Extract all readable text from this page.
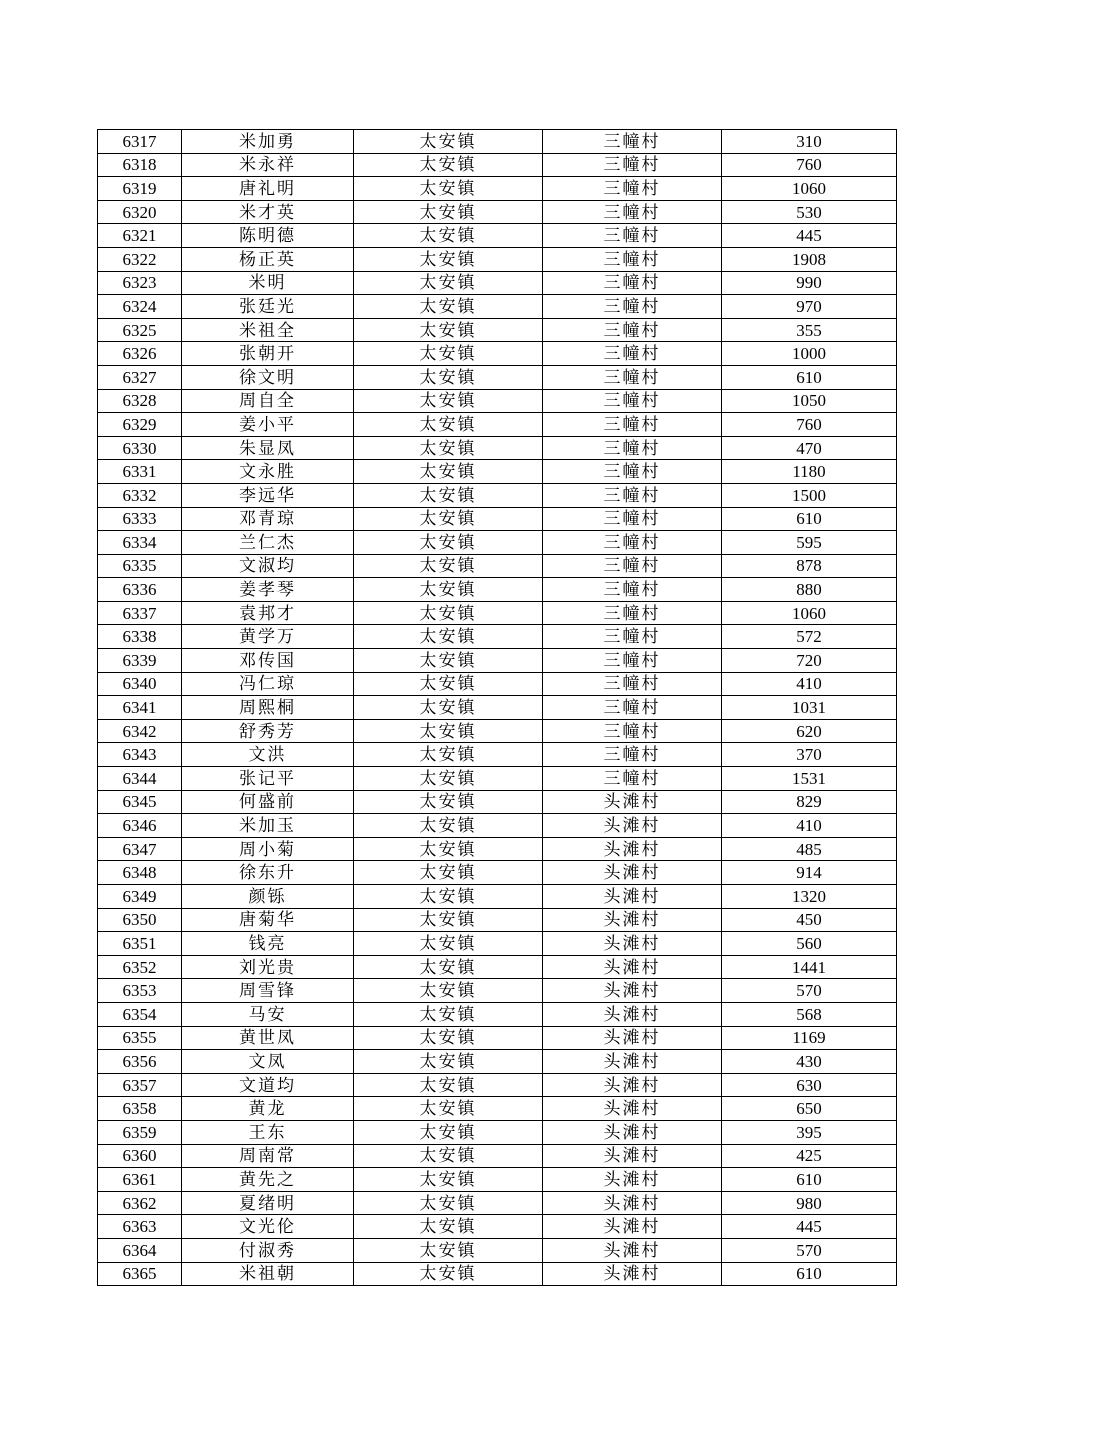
6317	米加勇	太安镇	三幢村	310
6318	米永祥	太安镇	三幢村	760
6319	唐礼明	太安镇	三幢村	1060
6320	米才英	太安镇	三幢村	530
6321	陈明德	太安镇	三幢村	445
6322	杨正英	太安镇	三幢村	1908
6323	米明	太安镇	三幢村	990
6324	张廷光	太安镇	三幢村	970
6325	米祖全	太安镇	三幢村	355
6326	张朝开	太安镇	三幢村	1000
6327	徐文明	太安镇	三幢村	610
6328	周自全	太安镇	三幢村	1050
6329	姜小平	太安镇	三幢村	760
6330	朱显凤	太安镇	三幢村	470
6331	文永胜	太安镇	三幢村	1180
6332	李远华	太安镇	三幢村	1500
6333	邓青琼	太安镇	三幢村	610
6334	兰仁杰	太安镇	三幢村	595
6335	文淑均	太安镇	三幢村	878
6336	姜孝琴	太安镇	三幢村	880
6337	袁邦才	太安镇	三幢村	1060
6338	黄学万	太安镇	三幢村	572
6339	邓传国	太安镇	三幢村	720
6340	冯仁琼	太安镇	三幢村	410
6341	周熙桐	太安镇	三幢村	1031
6342	舒秀芳	太安镇	三幢村	620
6343	文洪	太安镇	三幢村	370
6344	张记平	太安镇	三幢村	1531
6345	何盛前	太安镇	头滩村	829
6346	米加玉	太安镇	头滩村	410
6347	周小菊	太安镇	头滩村	485
6348	徐东升	太安镇	头滩村	914
6349	颜铄	太安镇	头滩村	1320
6350	唐菊华	太安镇	头滩村	450
6351	钱亮	太安镇	头滩村	560
6352	刘光贵	太安镇	头滩村	1441
6353	周雪锋	太安镇	头滩村	570
6354	马安	太安镇	头滩村	568
6355	黄世凤	太安镇	头滩村	1169
6356	文凤	太安镇	头滩村	430
6357	文道均	太安镇	头滩村	630
6358	黄龙	太安镇	头滩村	650
6359	王东	太安镇	头滩村	395
6360	周南常	太安镇	头滩村	425
6361	黄先之	太安镇	头滩村	610
6362	夏绪明	太安镇	头滩村	980
6363	文光伦	太安镇	头滩村	445
6364	付淑秀	太安镇	头滩村	570
6365	米祖朝	太安镇	头滩村	610
